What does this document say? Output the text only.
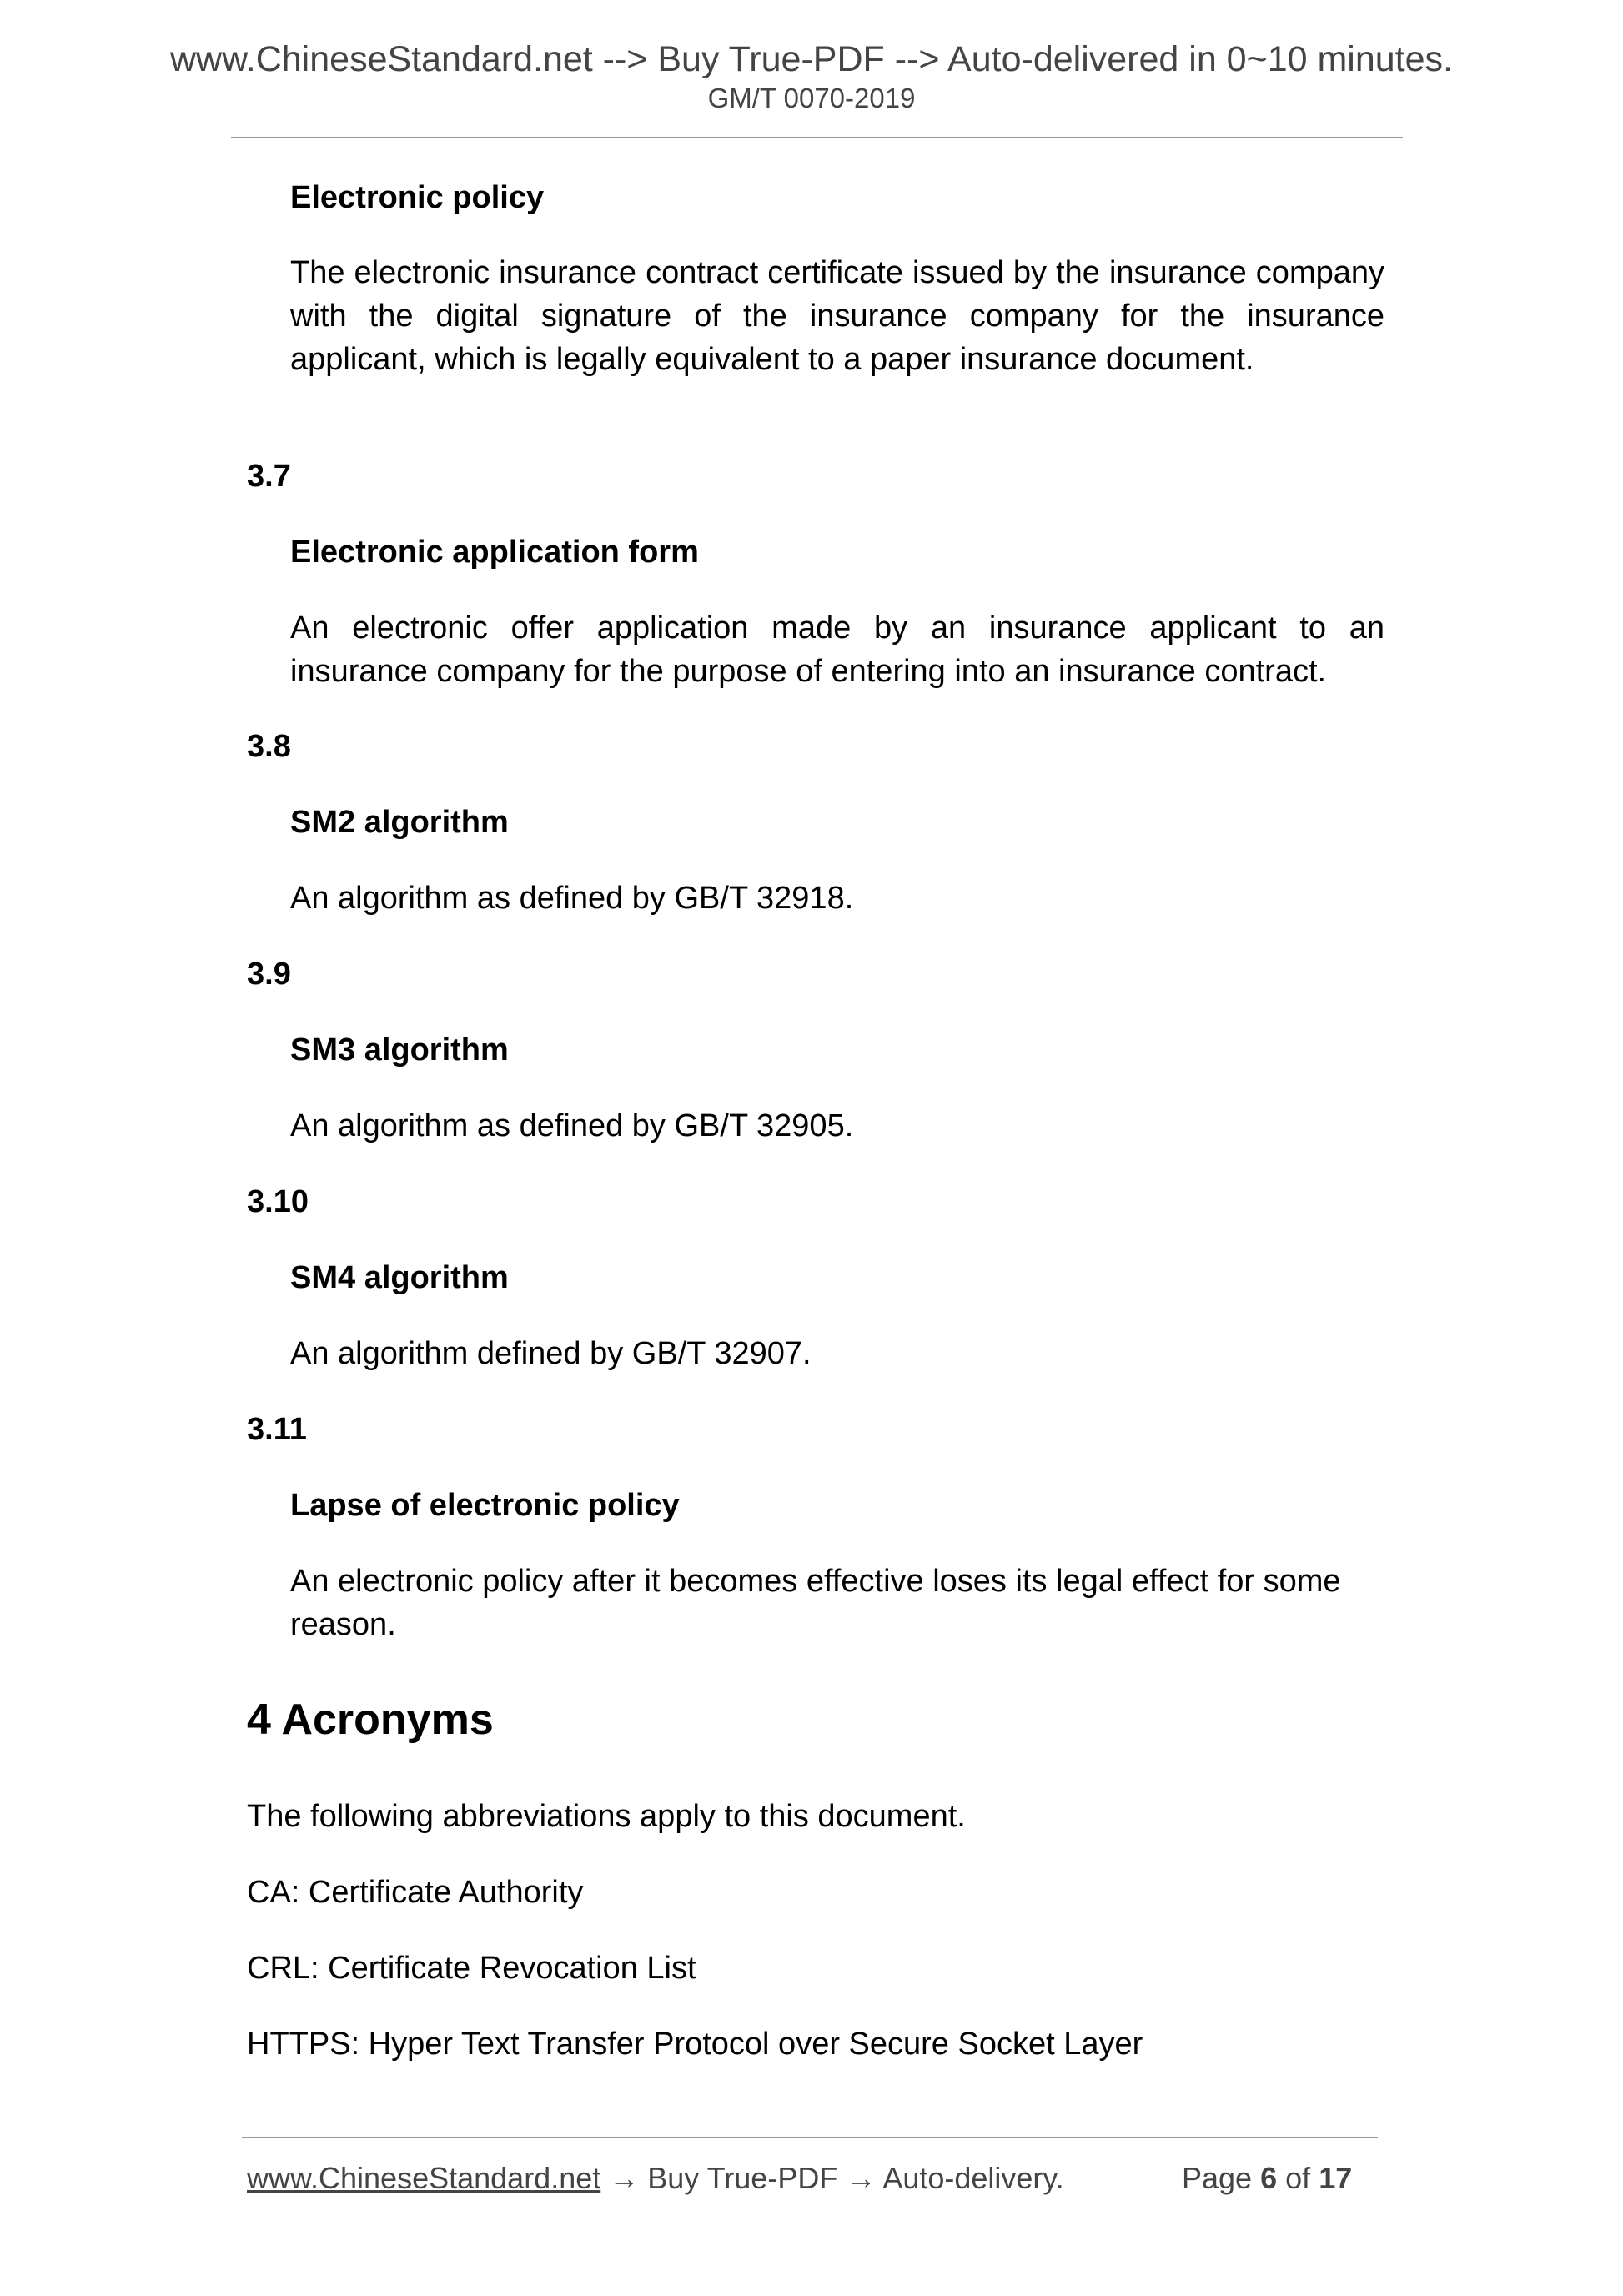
www.ChineseStandard.net --> Buy True-PDF --> Auto-delivered in 0~10 minutes.
GM/T 0070-2019
Electronic policy
The electronic insurance contract certificate issued by the insurance company with the digital signature of the insurance company for the insurance applicant, which is legally equivalent to a paper insurance document.
3.7
Electronic application form
An electronic offer application made by an insurance applicant to an insurance company for the purpose of entering into an insurance contract.
3.8
SM2 algorithm
An algorithm as defined by GB/T 32918.
3.9
SM3 algorithm
An algorithm as defined by GB/T 32905.
3.10
SM4 algorithm
An algorithm defined by GB/T 32907.
3.11
Lapse of electronic policy
An electronic policy after it becomes effective loses its legal effect for some reason.
4 Acronyms
The following abbreviations apply to this document.
CA: Certificate Authority
CRL: Certificate Revocation List
HTTPS: Hyper Text Transfer Protocol over Secure Socket Layer
www.ChineseStandard.net → Buy True-PDF → Auto-delivery.	Page 6 of 17
